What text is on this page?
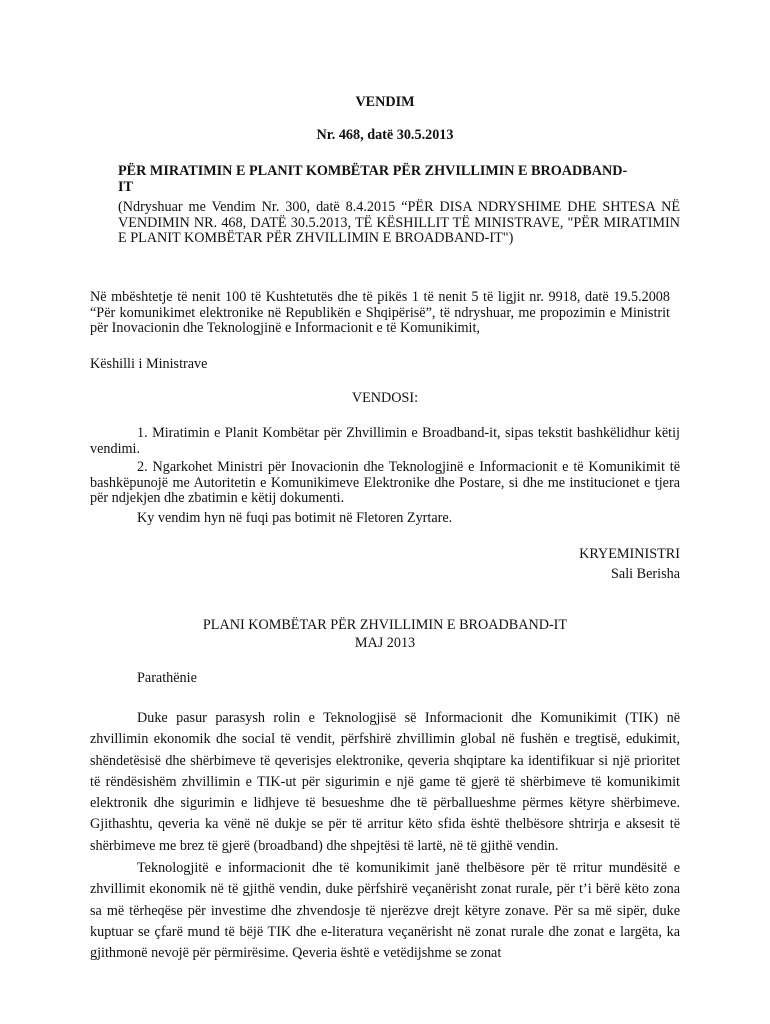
VENDIM
Nr. 468, datë 30.5.2013
PËR MIRATIMIN E PLANIT KOMBËTAR PËR ZHVILLIMIN E BROADBAND-
IT

(Ndryshuar me Vendim Nr. 300, datë 8.4.2015 “PËR DISA NDRYSHIME DHE SHTESA NË VENDIMIN NR. 468, DATË 30.5.2013, TË KËSHILLIT TË MINISTRAVE, "PËR MIRATIMIN E PLANIT KOMBËTAR PËR ZHVILLIMIN E BROADBAND-IT")

Në mbështetje të nenit 100 të Kushtetutës dhe të pikës 1 të nenit 5 të ligjit nr. 9918, datë 19.5.2008 “Për komunikimet elektronike në Republikën e Shqipërisë”, të ndryshuar, me propozimin e Ministrit për Inovacionin dhe Teknologjinë e Informacionit e të Komunikimit,

Këshilli i Ministrave

VENDOSI:

1. Miratimin e Planit Kombëtar për Zhvillimin e Broadband-it, sipas tekstit bashkëlidhur këtij vendimi.

2. Ngarkohet Ministri për Inovacionin dhe Teknologjinë e Informacionit e të Komunikimit të bashkëpunojë me Autoritetin e Komunikimeve Elektronike dhe Postare, si dhe me institucionet e tjera për ndjekjen dhe zbatimin e këtij dokumenti.

Ky vendim hyn në fuqi pas botimit në Fletoren Zyrtare.

KRYEMINISTRI
Sali Berisha
PLANI KOMBËTAR PËR ZHVILLIMIN E BROADBAND-IT
MAJ 2013

Parathënie

Duke pasur parasysh rolin e Teknologjisë së Informacionit dhe Komunikimit (TIK) në zhvillimin ekonomik dhe social të vendit, përfshirë zhvillimin global në fushën e tregtisë, edukimit, shëndetësisë dhe shërbimeve të qeverisjes elektronike, qeveria shqiptare ka identifikuar si një prioritet të rëndësishëm zhvillimin e TIK-ut për sigurimin e një game të gjerë të shërbimeve të komunikimit elektronik dhe sigurimin e lidhjeve të besueshme dhe të përballueshme përmes këtyre shërbimeve. Gjithashtu, qeveria ka vënë në dukje se për të arritur këto sfida është thelbësore shtrirja e aksesit të shërbimeve me brez të gjerë (broadband) dhe shpejtësi të lartë, në të gjithë vendin.

Teknologjitë e informacionit dhe të komunikimit janë thelbësore për të rritur mundësitë e zhvillimit ekonomik në të gjithë vendin, duke përfshirë veçanërisht zonat rurale, për t’i bërë këto zona sa më tërheqëse për investime dhe zhvendosje të njerëzve drejt këtyre zonave. Për sa më sipër, duke kuptuar se çfarë mund të bëjë TIK dhe e-literatura veçanërisht në zonat rurale dhe zonat e largëta, ka gjithmonë nevojë për përmirësime. Qeveria është e vetëdijshme se zonat
